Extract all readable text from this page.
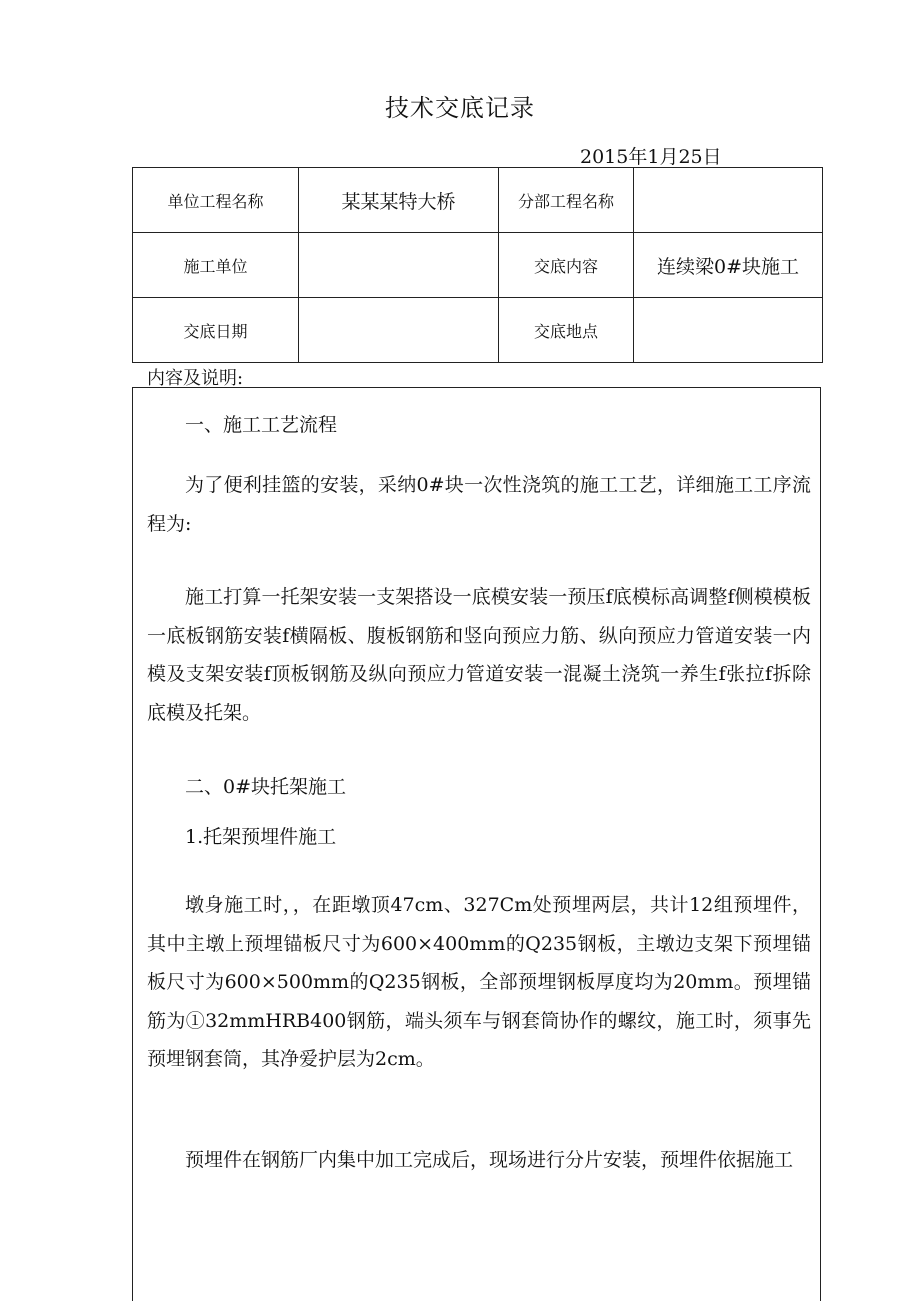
技术交底记录
2015年1月25日
单位工程名称	某某某特大桥	分部工程名称	
施工单位		交底内容	连续梁0#块施工
交底日期		交底地点	
内容及说明:

一、施工工艺流程

为了便利挂篮的安装，采纳0#块一次性浇筑的施工工艺，详细施工工序流程为:

施工打算一托架安装一支架搭设一底模安装一预压f底模标高调整f侧模模板一底板钢筋安装f横隔板、腹板钢筋和竖向预应力筋、纵向预应力管道安装一内模及支架安装f顶板钢筋及纵向预应力管道安装一混凝土浇筑一养生f张拉f拆除底模及托架。

二、0#块托架施工

1.托架预埋件施工

墩身施工时，，在距墩顶47cm、327Cm处预埋两层，共计12组预埋件，其中主墩上预埋锚板尺寸为600×400mm的Q235钢板，主墩边支架下预埋锚板尺寸为600×500mm的Q235钢板，全部预埋钢板厚度均为20mm。预埋锚筋为①32mmHRB400钢筋，端头须车与钢套筒协作的螺纹，施工时，须事先预埋钢套筒，其净爱护层为2cm。

预埋件在钢筋厂内集中加工完成后，现场进行分片安装，预埋件依据施工
